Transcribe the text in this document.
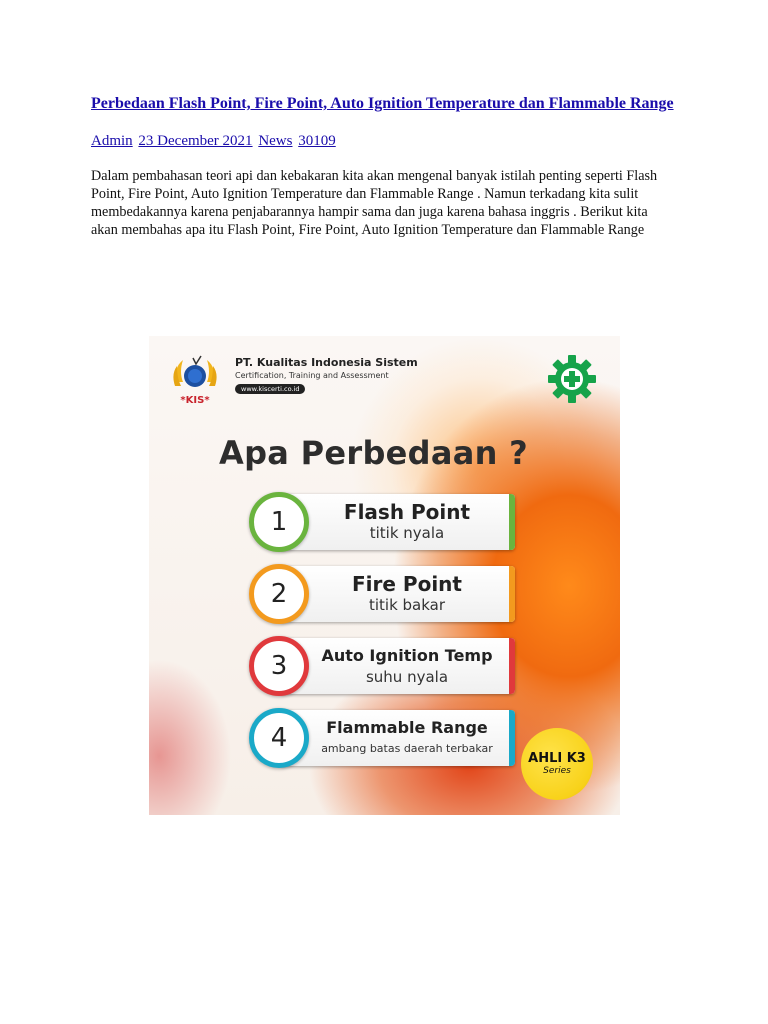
Perbedaan Flash Point, Fire Point, Auto Ignition Temperature dan Flammable Range
Admin 23 December 2021 News 30109

Dalam pembahasan teori api dan kebakaran kita akan mengenal banyak istilah penting seperti Flash Point, Fire Point, Auto Ignition Temperature dan Flammable Range . Namun terkadang kita sulit membedakannya karena penjabarannya hampir sama dan juga karena bahasa inggris . Berikut kita akan membahas apa itu Flash Point, Fire Point, Auto Ignition Temperature dan Flammable Range

*KIS*
PT. Kualitas Indonesia Sistem
Certification, Training and Assessment
www.kiscerti.co.id
Apa Perbedaan ?
1	Flash Point
titik nyala
2	Fire Point
titik bakar
3	Auto Ignition Temp
suhu nyala
4	Flammable Range
ambang batas daerah terbakar
AHLI K3
Series
